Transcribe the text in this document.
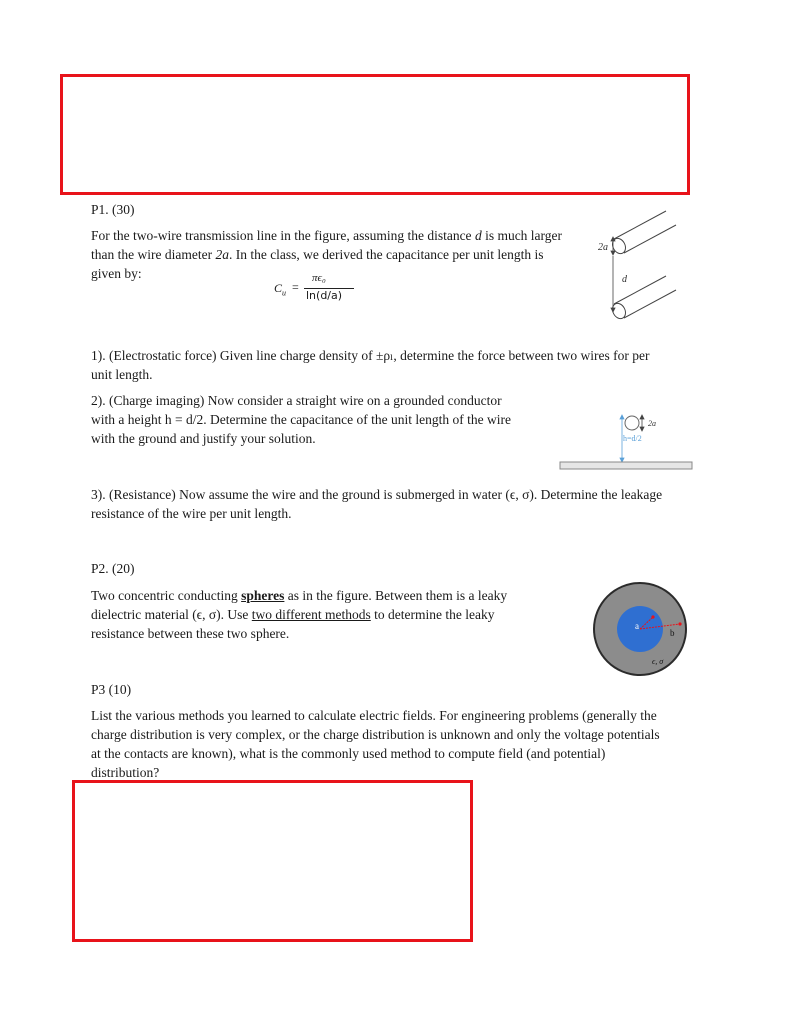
P1. (30)
For the two-wire transmission line in the figure, assuming the distance d is much larger
than the wire diameter 2a. In the class, we derived the capacitance per unit length is
given by:
$C_u$ =
πϵ₀
ln(d/a)
2a
d
1). (Electrostatic force) Given line charge density of ±ρₗ, determine the force between two wires for per
unit length.
2). (Charge imaging) Now consider a straight wire on a grounded conductor
with a height h = d/2. Determine the capacitance of the unit length of the wire
with the ground and justify your solution.
2a
h=d/2
3). (Resistance) Now assume the wire and the ground is submerged in water (ϵ, σ). Determine the leakage
resistance of the wire per unit length.
P2. (20)
Two concentric conducting spheres as in the figure. Between them is a leaky
dielectric material (ϵ, σ). Use two different methods to determine the leaky
resistance between these two sphere.	a
b
ϵ, σ
P3 (10)
List the various methods you learned to calculate electric fields. For engineering problems (generally the
charge distribution is very complex, or the charge distribution is unknown and only the voltage potentials
at the contacts are known), what is the commonly used method to compute field (and potential)
distribution?
